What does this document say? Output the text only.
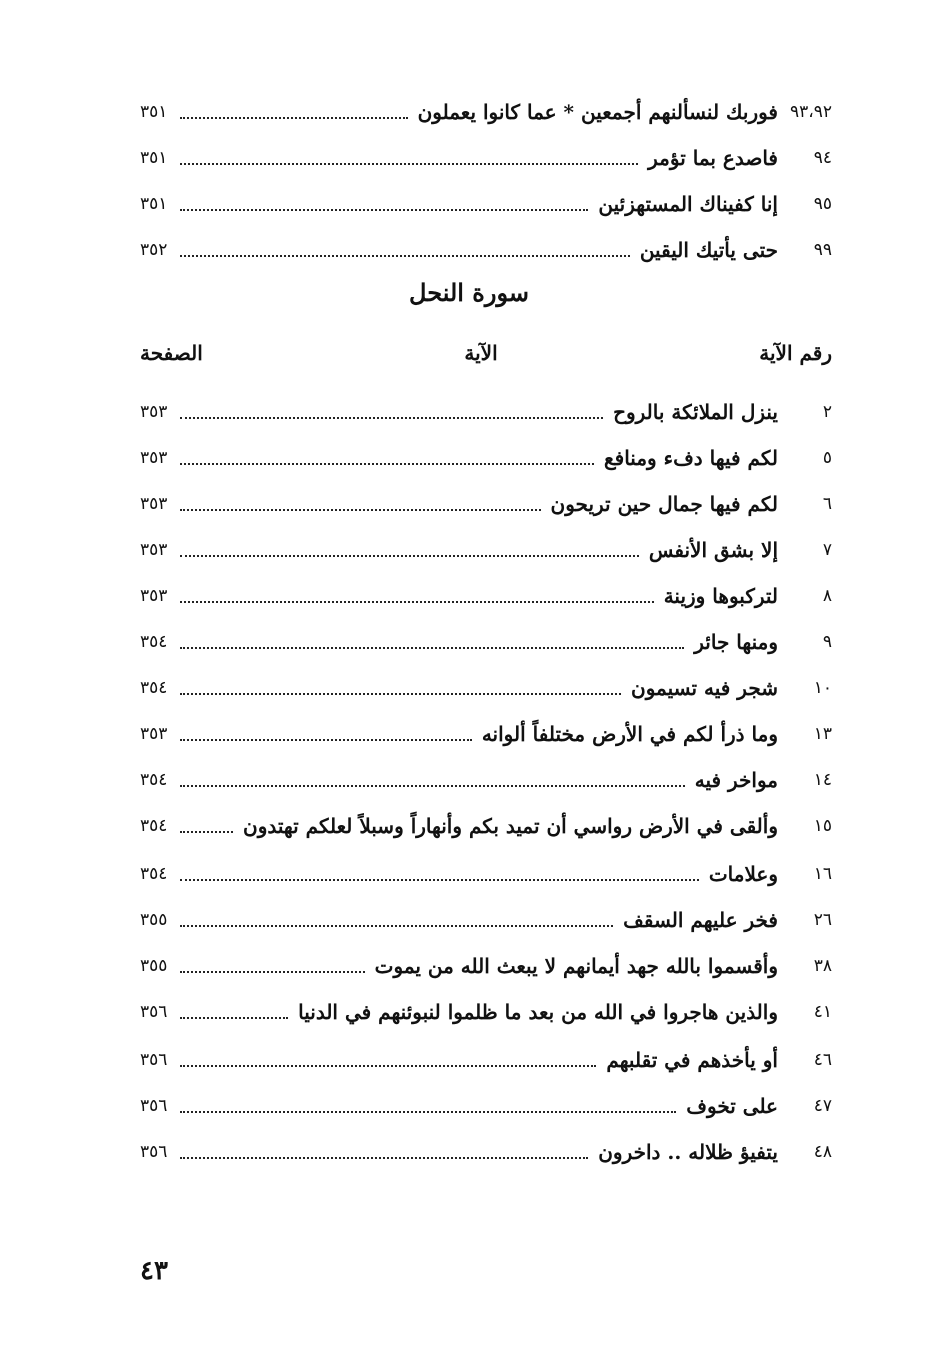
٩٣،٩٢
فوربك لنسألنهم أجمعين * عما كانوا يعملون
٣٥١
٩٤
فاصدع بما تؤمر
٣٥١
٩٥
إنا كفيناك المستهزئين
٣٥١
٩٩
حتى يأتيك اليقين
٣٥٢
سورة النحل
رقم الآية
الآية
الصفحة
٢
ينزل الملائكة بالروح
٣٥٣
٥
لكم فيها دفء ومنافع
٣٥٣
٦
لكم فيها جمال حين تريحون
٣٥٣
٧
إلا بشق الأنفس
٣٥٣
٨
لتركبوها وزينة
٣٥٣
٩
ومنها جائر
٣٥٤
١٠
شجر فيه تسيمون
٣٥٤
١٣
وما ذرأ لكم في الأرض مختلفاً ألوانه
٣٥٣
١٤
مواخر فيه
٣٥٤
١٥
وألقى في الأرض رواسي أن تميد بكم وأنهاراً وسبلاً لعلكم تهتدون
٣٥٤
١٦
وعلامات
٣٥٤
٢٦
فخر عليهم السقف
٣٥٥
٣٨
وأقسموا بالله جهد أيمانهم لا يبعث الله من يموت
٣٥٥
٤١
والذين هاجروا في الله من بعد ما ظلموا لنبوئنهم في الدنيا
٣٥٦
٤٦
أو يأخذهم في تقلبهم
٣٥٦
٤٧
على تخوف
٣٥٦
٤٨
يتفيؤ ظلاله .. داخرون
٣٥٦
٤٣
